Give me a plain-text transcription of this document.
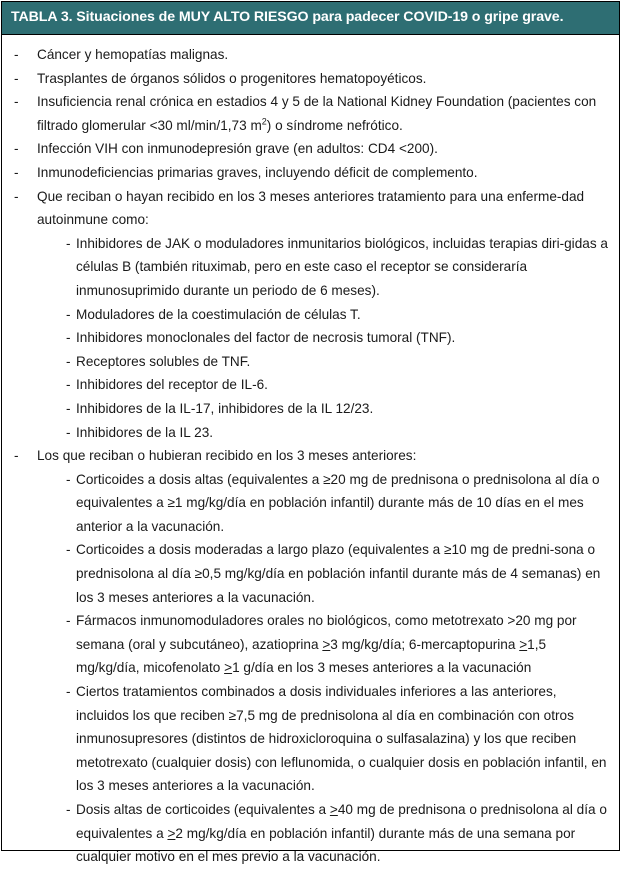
TABLA 3. Situaciones de MUY ALTO RIESGO para padecer COVID-19 o gripe grave.
- Cáncer y hemopatías malignas.
- Trasplantes de órganos sólidos o progenitores hematopoyéticos.
- Insuficiencia renal crónica en estadios 4 y 5 de la National Kidney Foundation (pacientes con filtrado glomerular <30 ml/min/1,73 $m^2$) o síndrome nefrótico.
- Infección VIH con inmunodepresión grave (en adultos: CD4 <200).
- Inmunodeficiencias primarias graves, incluyendo déficit de complemento.
- Que reciban o hayan recibido en los 3 meses anteriores tratamiento para una enferme-dad autoinmune como:
- Inhibidores de JAK o moduladores inmunitarios biológicos, incluidas terapias diri-gidas a células B (también rituximab, pero en este caso el receptor se consideraría inmunosuprimido durante un periodo de 6 meses).
- Moduladores de la coestimulación de células T.
- Inhibidores monoclonales del factor de necrosis tumoral (TNF).
- Receptores solubles de TNF.
- Inhibidores del receptor de IL-6.
- Inhibidores de la IL-17, inhibidores de la IL 12/23.
- Inhibidores de la IL 23.
- Los que reciban o hubieran recibido en los 3 meses anteriores:
- Corticoides a dosis altas (equivalentes a ≥20 mg de prednisona o prednisolona al día o equivalentes a ≥1 mg/kg/día en población infantil) durante más de 10 días en el mes anterior a la vacunación.
- Corticoides a dosis moderadas a largo plazo (equivalentes a ≥10 mg de predni-sona o prednisolona al día ≥0,5 mg/kg/día en población infantil durante más de 4 semanas) en los 3 meses anteriores a la vacunación.
- Fármacos inmunomoduladores orales no biológicos, como metotrexato >20 mg por semana (oral y subcutáneo), azatioprina ≥3 mg/kg/día; 6-mercaptopurina ≥1,5 mg/kg/día, micofenolato ≥1 g/día en los 3 meses anteriores a la vacunación
- Ciertos tratamientos combinados a dosis individuales inferiores a las anteriores, incluidos los que reciben ≥7,5 mg de prednisolona al día en combinación con otros inmunosupresores (distintos de hidroxicloroquina o sulfasalazina) y los que reciben metotrexato (cualquier dosis) con leflunomida, o cualquier dosis en población infantil, en los 3 meses anteriores a la vacunación.
- Dosis altas de corticoides (equivalentes a ≥40 mg de prednisona o prednisolona al día o equivalentes a ≥2 mg/kg/día en población infantil) durante más de una semana por cualquier motivo en el mes previo a la vacunación.
